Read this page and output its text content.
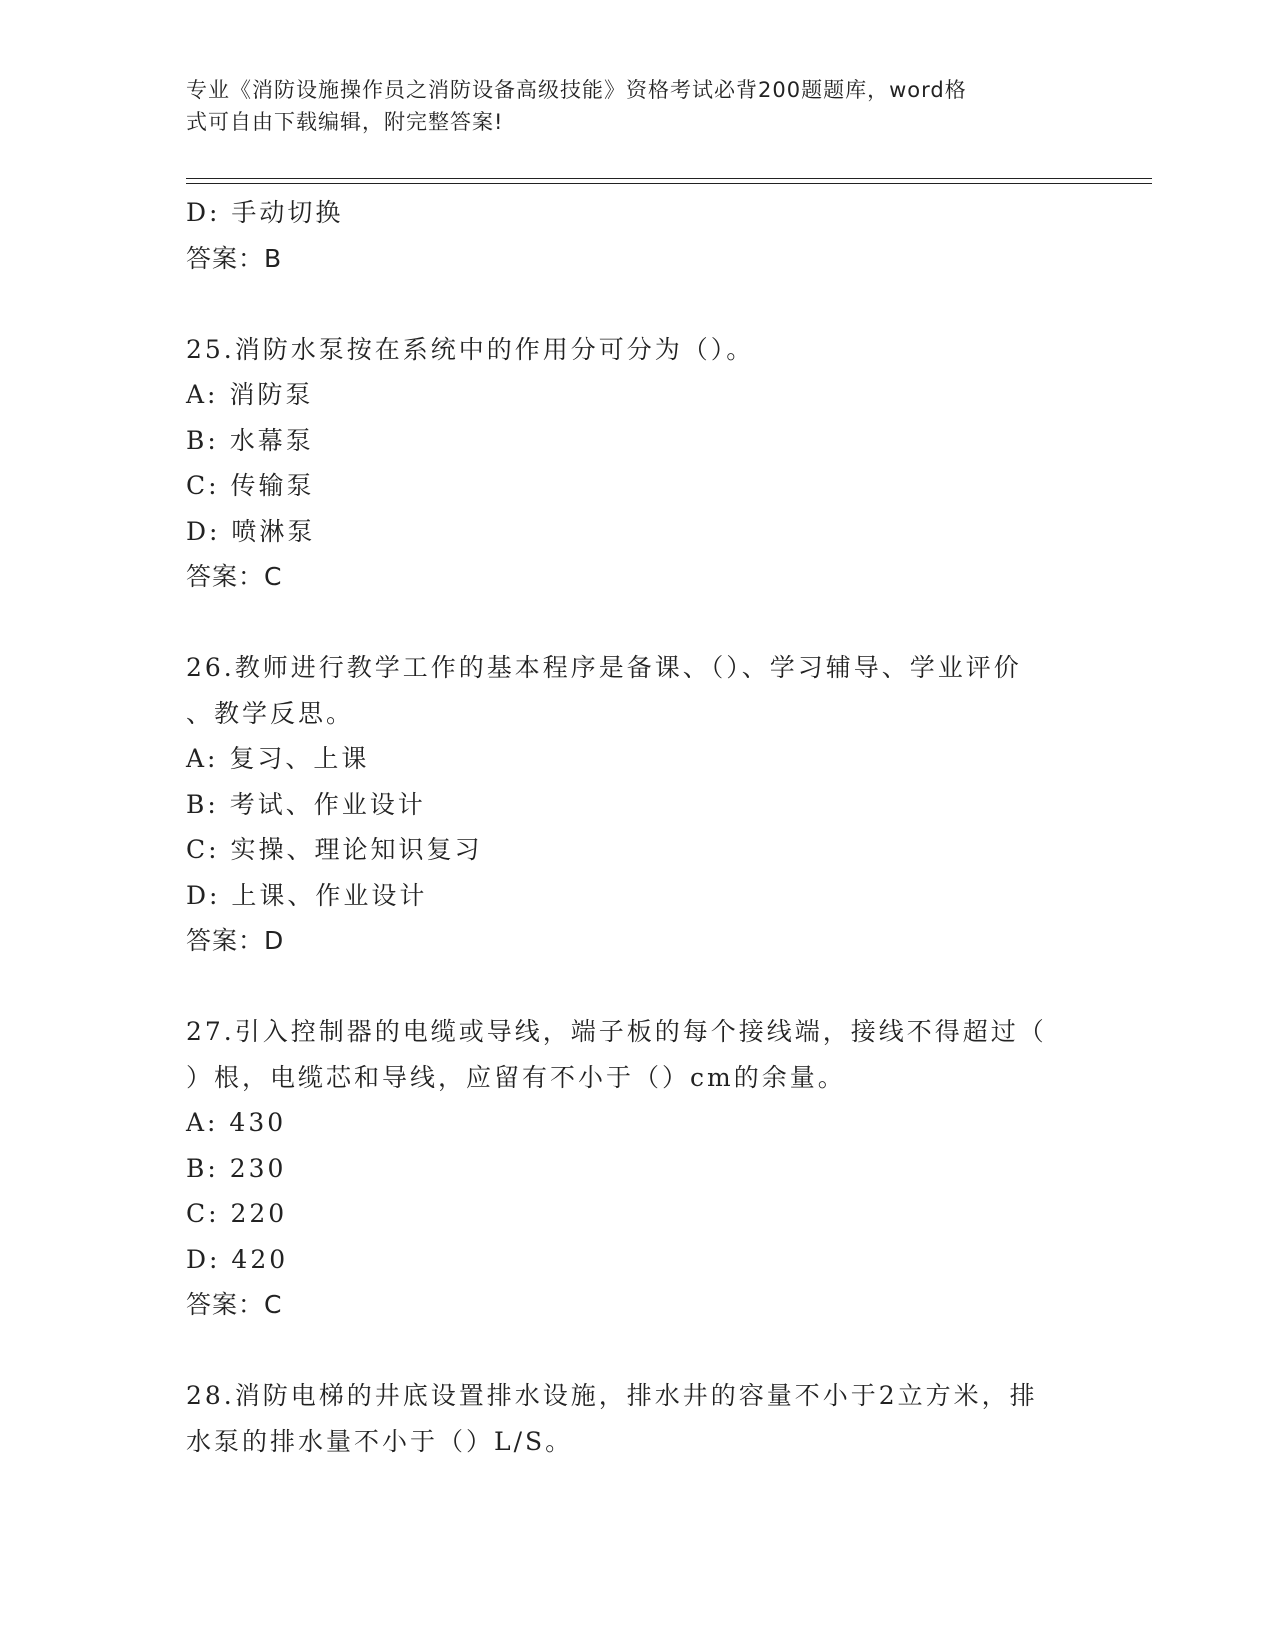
专业《消防设施操作员之消防设备高级技能》资格考试必背200题题库，word格
式可自由下载编辑，附完整答案!
D: 手动切换
答案：B
25.消防水泵按在系统中的作用分可分为（）。
A: 消防泵
B: 水幕泵
C: 传输泵
D: 喷淋泵
答案：C
26.教师进行教学工作的基本程序是备课、（）、学习辅导、学业评价
、教学反思。
A: 复习、上课
B: 考试、作业设计
C: 实操、理论知识复习
D: 上课、作业设计
答案：D
27.引入控制器的电缆或导线，端子板的每个接线端，接线不得超过（
）根，电缆芯和导线，应留有不小于（）cm的余量。
A: 430
B: 230
C: 220
D: 420
答案：C
28.消防电梯的井底设置排水设施，排水井的容量不小于2立方米，排
水泵的排水量不小于（）L/S。
